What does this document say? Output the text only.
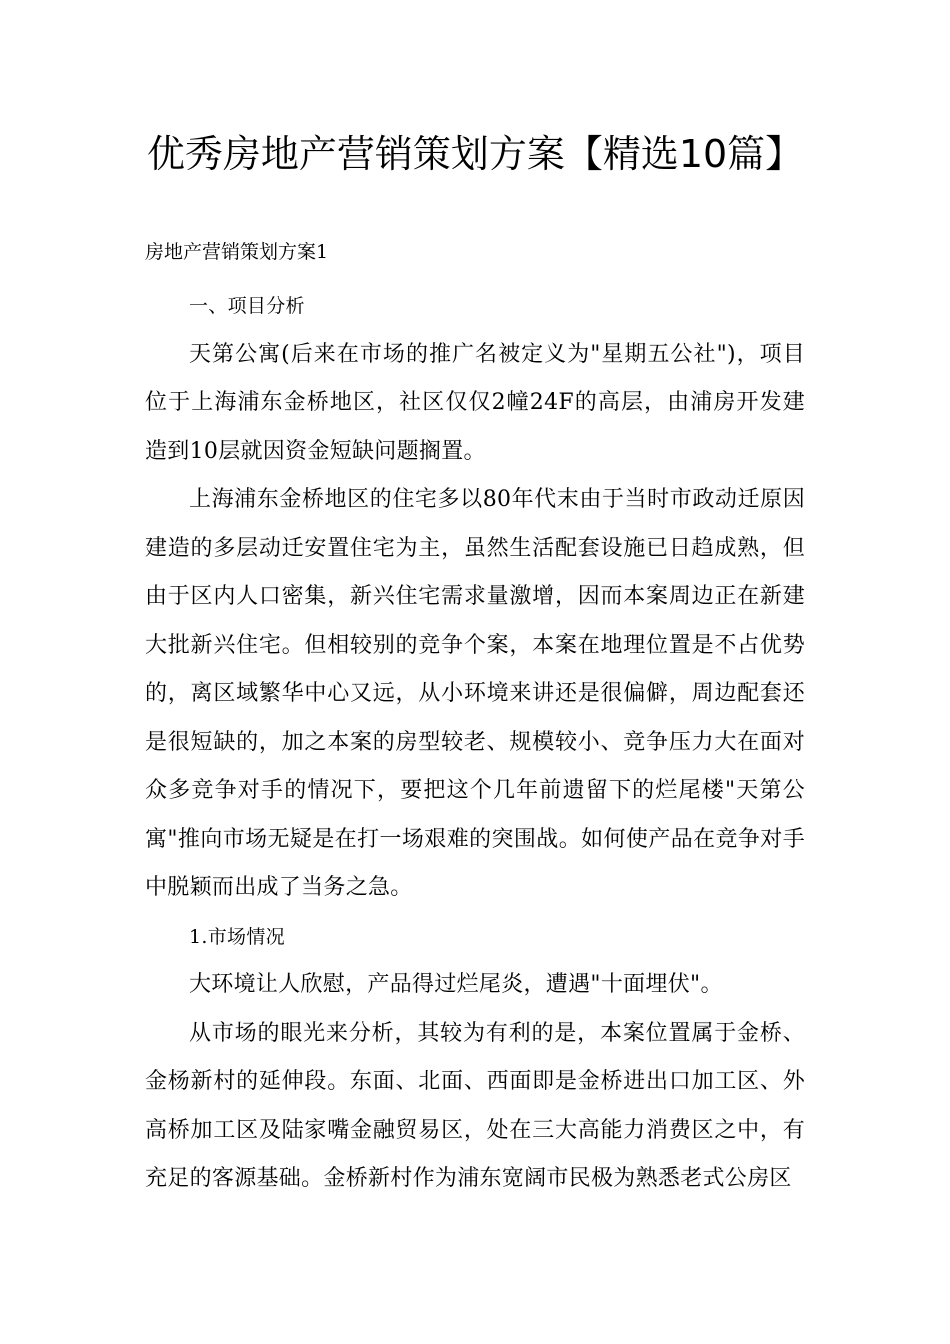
优秀房地产营销策划方案【精选10篇】

房地产营销策划方案1

一、项目分析

天第公寓(后来在市场的推广名被定义为"星期五公社")，项目位于上海浦东金桥地区，社区仅仅2幢24F的高层，由浦房开发建造到10层就因资金短缺问题搁置。

上海浦东金桥地区的住宅多以80年代末由于当时市政动迁原因建造的多层动迁安置住宅为主，虽然生活配套设施已日趋成熟，但由于区内人口密集，新兴住宅需求量激增，因而本案周边正在新建大批新兴住宅。但相较别的竞争个案，本案在地理位置是不占优势的，离区域繁华中心又远，从小环境来讲还是很偏僻，周边配套还是很短缺的，加之本案的房型较老、规模较小、竞争压力大在面对众多竞争对手的情况下，要把这个几年前遗留下的烂尾楼"天第公寓"推向市场无疑是在打一场艰难的突围战。如何使产品在竞争对手中脱颖而出成了当务之急。

1.市场情况

大环境让人欣慰，产品得过烂尾炎，遭遇"十面埋伏"。

从市场的眼光来分析，其较为有利的是，本案位置属于金桥、金杨新村的延伸段。东面、北面、西面即是金桥进出口加工区、外高桥加工区及陆家嘴金融贸易区，处在三大高能力消费区之中，有充足的客源基础。金桥新村作为浦东宽阔市民极为熟悉老式公房区
